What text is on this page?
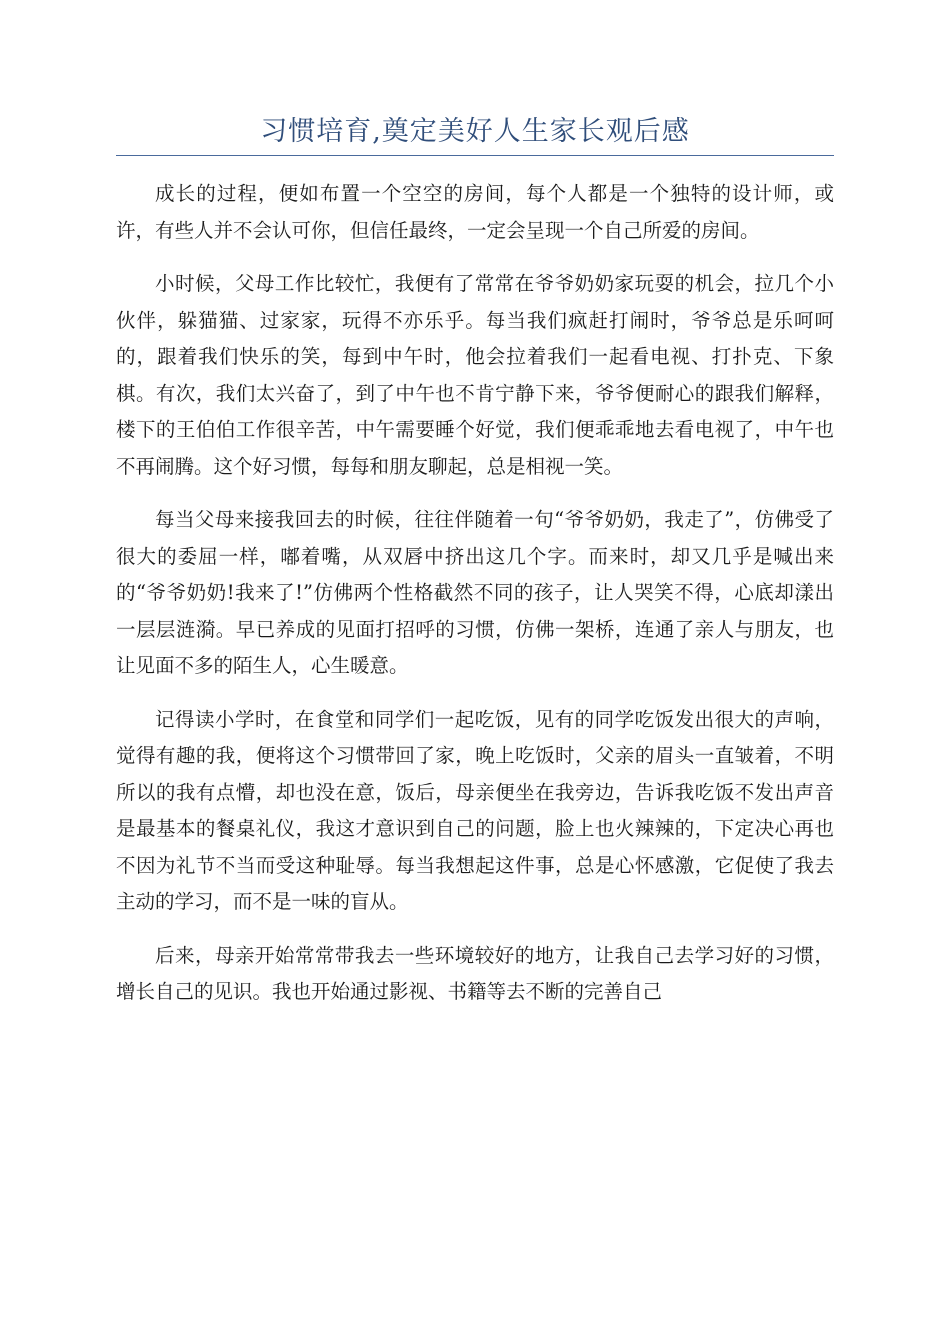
习惯培育,奠定美好人生家长观后感

成长的过程，便如布置一个空空的房间，每个人都是一个独特的设计师，或许，有些人并不会认可你，但信任最终，一定会呈现一个自己所爱的房间。

小时候，父母工作比较忙，我便有了常常在爷爷奶奶家玩耍的机会，拉几个小伙伴，躲猫猫、过家家，玩得不亦乐乎。每当我们疯赶打闹时，爷爷总是乐呵呵的，跟着我们快乐的笑，每到中午时，他会拉着我们一起看电视、打扑克、下象棋。有次，我们太兴奋了，到了中午也不肯宁静下来，爷爷便耐心的跟我们解释，楼下的王伯伯工作很辛苦，中午需要睡个好觉，我们便乖乖地去看电视了，中午也不再闹腾。这个好习惯，每每和朋友聊起，总是相视一笑。

每当父母来接我回去的时候，往往伴随着一句“爷爷奶奶，我走了”，仿佛受了很大的委屈一样，嘟着嘴，从双唇中挤出这几个字。而来时，却又几乎是喊出来的“爷爷奶奶!我来了!”仿佛两个性格截然不同的孩子，让人哭笑不得，心底却漾出一层层涟漪。早已养成的见面打招呼的习惯，仿佛一架桥，连通了亲人与朋友，也让见面不多的陌生人，心生暖意。

记得读小学时，在食堂和同学们一起吃饭，见有的同学吃饭发出很大的声响，觉得有趣的我，便将这个习惯带回了家，晚上吃饭时，父亲的眉头一直皱着，不明所以的我有点懵，却也没在意，饭后，母亲便坐在我旁边，告诉我吃饭不发出声音是最基本的餐桌礼仪，我这才意识到自己的问题，脸上也火辣辣的，下定决心再也不因为礼节不当而受这种耻辱。每当我想起这件事，总是心怀感激，它促使了我去主动的学习，而不是一味的盲从。

后来，母亲开始常常带我去一些环境较好的地方，让我自己去学习好的习惯，增长自己的见识。我也开始通过影视、书籍等去不断的完善自己
